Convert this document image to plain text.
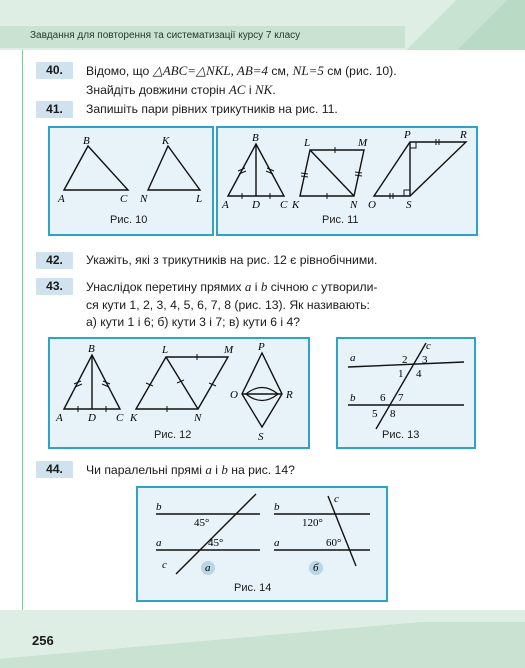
Завдання для повторення та систематизації курсу 7 класу
40.	Відомо, що △ABC=△NKL, AB=4 см, NL=5 см (рис. 10).
Знайдіть довжини сторін AC і NK.
41.	Запишіть пари рівних трикутників на рис. 11.
B
A	C
K
N	L
Рис. 10
B
A D C
L	M
K	N
P	R
O	S
Рис. 11
42.	Укажіть, які з трикутників на рис. 12 є рівнобічними.
43.	Унаслідок перетину прямих a і b січною c утворили-
ся кути 1, 2, 3, 4, 5, 6, 7, 8 (рис. 13). Як називають:
а) кути 1 і 6; б) кути 3 і 7; в) кути 6 і 4?
B
A D C
L	M
K	N
P
O	R
S
Рис. 12
c
a	2 3
1 4
b 6 7
5 8
Рис. 13
44.	Чи паралельні прямі a і b на рис. 14?
b
a
c
45°
45°
а
b
c
a
120°
60°
б
Рис. 14
256
